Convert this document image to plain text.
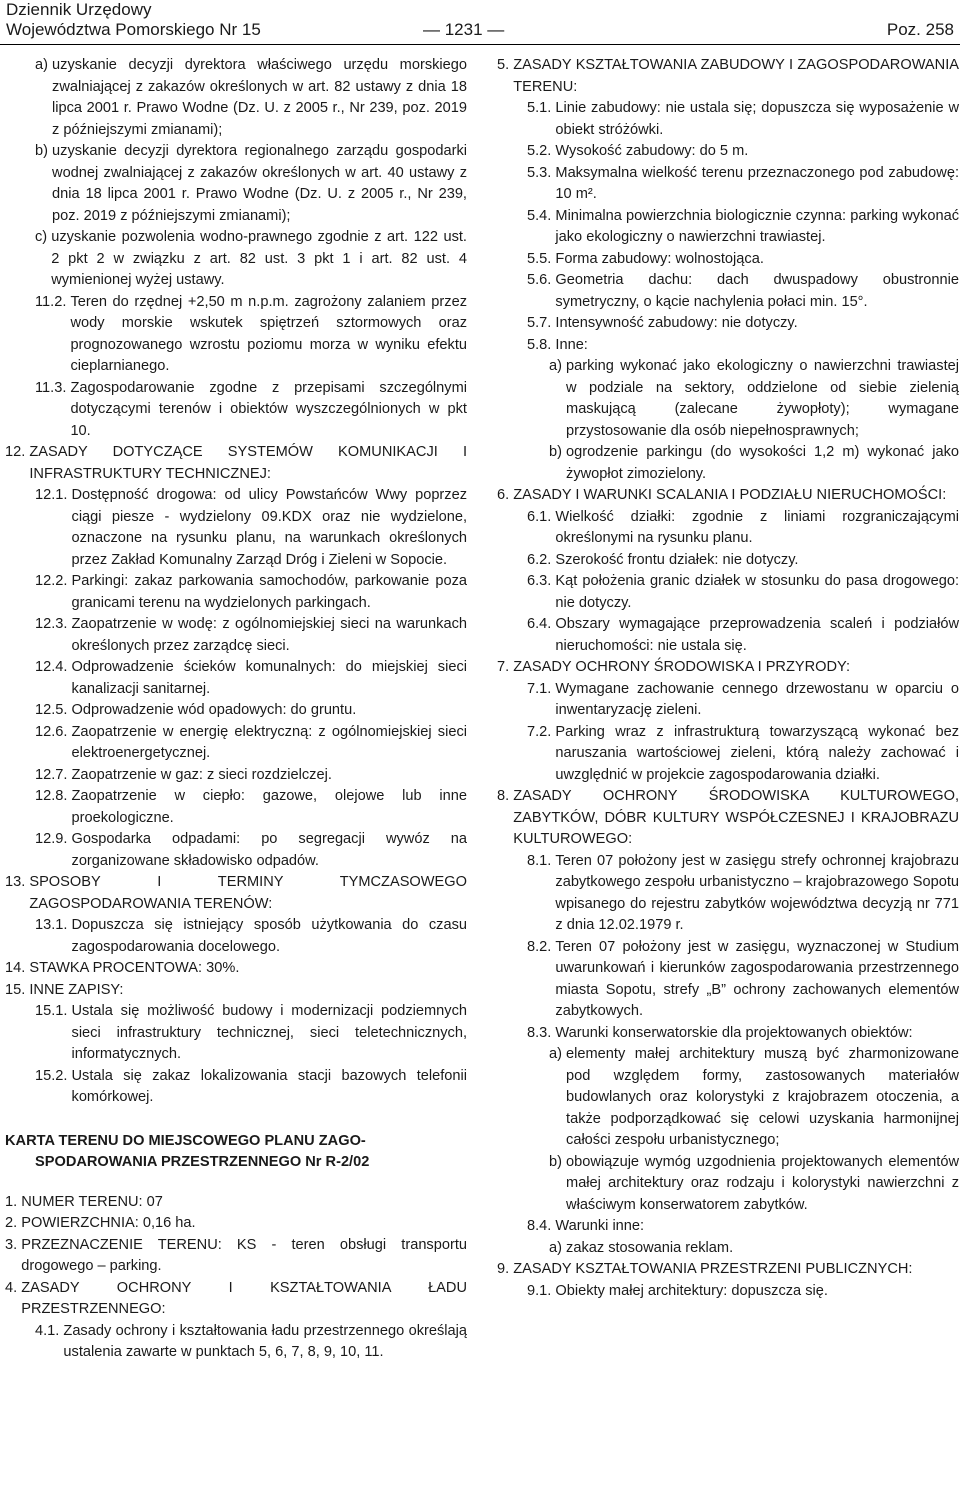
Dziennik Urzędowy
Województwa Pomorskiego Nr 15	— 1231 —	Poz. 258
a) uzyskanie decyzji dyrektora właściwego urzędu morskiego zwalniającej z zakazów określonych w art. 82 ustawy z dnia 18 lipca 2001 r. Prawo Wodne (Dz. U. z 2005 r., Nr 239, poz. 2019 z późniejszymi zmianami);
b) uzyskanie decyzji dyrektora regionalnego zarządu gospodarki wodnej zwalniającej z zakazów określonych w art. 40 ustawy z dnia 18 lipca 2001 r. Prawo Wodne (Dz. U. z 2005 r., Nr 239, poz. 2019 z późniejszymi zmianami);
c) uzyskanie pozwolenia wodno-prawnego zgodnie z art. 122 ust. 2 pkt 2 w związku z art. 82 ust. 3 pkt 1 i art. 82 ust. 4 wymienionej wyżej ustawy.
11.2. Teren do rzędnej +2,50 m n.p.m. zagrożony zalaniem przez wody morskie wskutek spiętrzeń sztormowych oraz prognozowanego wzrostu poziomu morza w wyniku efektu cieplarnianego.
11.3. Zagospodarowanie zgodne z przepisami szczególnymi dotyczącymi terenów i obiektów wyszczególnionych w pkt 10.
12. ZASADY DOTYCZĄCE SYSTEMÓW KOMUNIKACJI I INFRASTRUKTURY TECHNICZNEJ:
12.1. Dostępność drogowa: od ulicy Powstańców Wwy poprzez ciągi piesze - wydzielony 09.KDX oraz nie wydzielone, oznaczone na rysunku planu, na warunkach określonych przez Zakład Komunalny Zarząd Dróg i Zieleni w Sopocie.
12.2. Parkingi: zakaz parkowania samochodów, parkowanie poza granicami terenu na wydzielonych parkingach.
12.3. Zaopatrzenie w wodę: z ogólnomiejskiej sieci na warunkach określonych przez zarządcę sieci.
12.4. Odprowadzenie ścieków komunalnych: do miejskiej sieci kanalizacji sanitarnej.
12.5. Odprowadzenie wód opadowych: do gruntu.
12.6. Zaopatrzenie w energię elektryczną: z ogólnomiejskiej sieci elektroenergetycznej.
12.7. Zaopatrzenie w gaz: z sieci rozdzielczej.
12.8. Zaopatrzenie w ciepło: gazowe, olejowe lub inne proekologiczne.
12.9. Gospodarka odpadami: po segregacji wywóz na zorganizowane składowisko odpadów.
13. SPOSOBY I TERMINY TYMCZASOWEGO ZAGOSPODAROWANIA TERENÓW:
13.1. Dopuszcza się istniejący sposób użytkowania do czasu zagospodarowania docelowego.
14. STAWKA PROCENTOWA: 30%.
15. INNE ZAPISY:
15.1. Ustala się możliwość budowy i modernizacji podziemnych sieci infrastruktury technicznej, sieci teletechnicznych, informatycznych.
15.2. Ustala się zakaz lokalizowania stacji bazowych telefonii komórkowej.
KARTA TERENU DO MIEJSCOWEGO PLANU ZAGO-
SPODAROWANIA PRZESTRZENNEGO Nr R-2/02
1. NUMER TERENU: 07
2. POWIERZCHNIA: 0,16 ha.
3. PRZEZNACZENIE TERENU: KS - teren obsługi transportu drogowego – parking.
4. ZASADY OCHRONY I KSZTAŁTOWANIA ŁADU PRZESTRZENNEGO:
4.1. Zasady ochrony i kształtowania ładu przestrzennego określają ustalenia zawarte w punktach 5, 6, 7, 8, 9, 10, 11.
5. ZASADY KSZTAŁTOWANIA ZABUDOWY I ZAGOSPODAROWANIA TERENU:
5.1. Linie zabudowy: nie ustala się; dopuszcza się wyposażenie w obiekt stróżówki.
5.2. Wysokość zabudowy: do 5 m.
5.3. Maksymalna wielkość terenu przeznaczonego pod zabudowę: 10 m².
5.4. Minimalna powierzchnia biologicznie czynna: parking wykonać jako ekologiczny o nawierzchni trawiastej.
5.5. Forma zabudowy: wolnostojąca.
5.6. Geometria dachu: dach dwuspadowy obustronnie symetryczny, o kącie nachylenia połaci min. 15°.
5.7. Intensywność zabudowy: nie dotyczy.
5.8. Inne:
a) parking wykonać jako ekologiczny o nawierzchni trawiastej w podziale na sektory, oddzielone od siebie zielenią maskującą (zalecane żywopłoty); wymagane przystosowanie dla osób niepełnosprawnych;
b) ogrodzenie parkingu (do wysokości 1,2 m) wykonać jako żywopłot zimozielony.
6. ZASADY I WARUNKI SCALANIA I PODZIAŁU NIERUCHOMOŚCI:
6.1. Wielkość działki: zgodnie z liniami rozgraniczającymi określonymi na rysunku planu.
6.2. Szerokość frontu działek: nie dotyczy.
6.3. Kąt położenia granic działek w stosunku do pasa drogowego: nie dotyczy.
6.4. Obszary wymagające przeprowadzenia scaleń i podziałów nieruchomości: nie ustala się.
7. ZASADY OCHRONY ŚRODOWISKA I PRZYRODY:
7.1. Wymagane zachowanie cennego drzewostanu w oparciu o inwentaryzację zieleni.
7.2. Parking wraz z infrastrukturą towarzyszącą wykonać bez naruszania wartościowej zieleni, którą należy zachować i uwzględnić w projekcie zagospodarowania działki.
8. ZASADY OCHRONY ŚRODOWISKA KULTUROWEGO, ZABYTKÓW, DÓBR KULTURY WSPÓŁCZESNEJ I KRAJOBRAZU KULTUROWEGO:
8.1. Teren 07 położony jest w zasięgu strefy ochronnej krajobrazu zabytkowego zespołu urbanistyczno – krajobrazowego Sopotu wpisanego do rejestru zabytków województwa decyzją nr 771 z dnia 12.02.1979 r.
8.2. Teren 07 położony jest w zasięgu, wyznaczonej w Studium uwarunkowań i kierunków zagospodarowania przestrzennego miasta Sopotu, strefy „B” ochrony zachowanych elementów zabytkowych.
8.3. Warunki konserwatorskie dla projektowanych obiektów:
a) elementy małej architektury muszą być zharmonizowane pod względem formy, zastosowanych materiałów budowlanych oraz kolorystyki z krajobrazem otoczenia, a także podporządkować się celowi uzyskania harmonijnej całości zespołu urbanistycznego;
b) obowiązuje wymóg uzgodnienia projektowanych elementów małej architektury oraz rodzaju i kolorystyki nawierzchni z właściwym konserwatorem zabytków.
8.4. Warunki inne:
a) zakaz stosowania reklam.
9. ZASADY KSZTAŁTOWANIA PRZESTRZENI PUBLICZNYCH:
9.1. Obiekty małej architektury: dopuszcza się.
